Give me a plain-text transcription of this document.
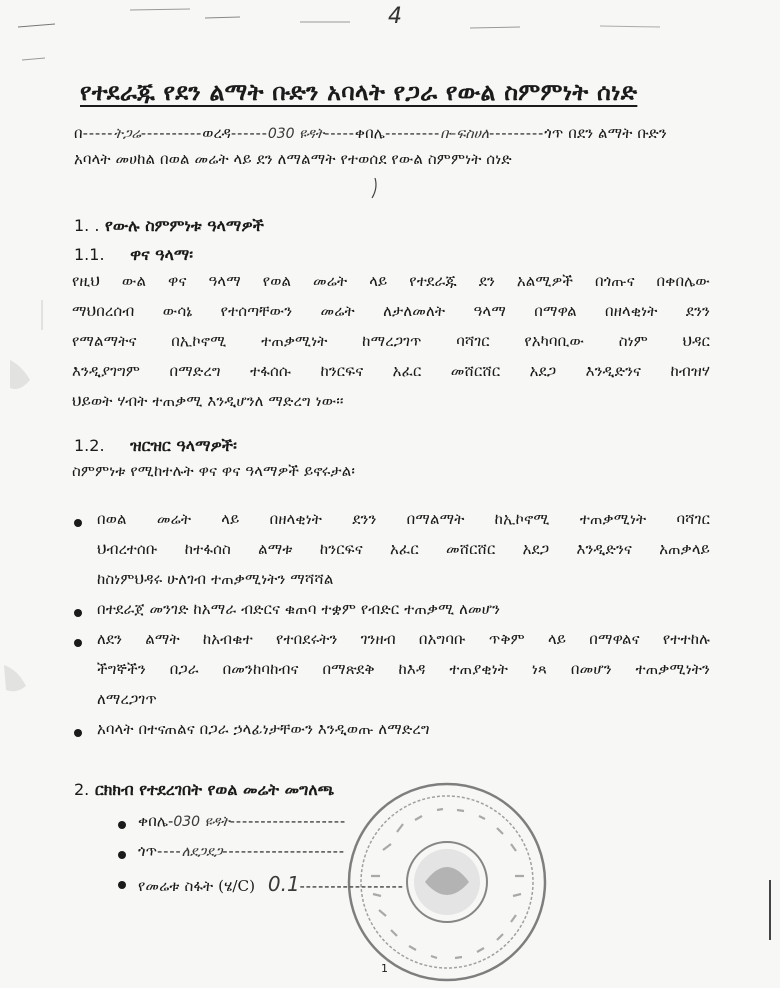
4
የተደራጁ የደን ልማት ቡድን አባላት የጋራ የውል ስምምነት ሰነድ
በ-----ትጋሬ----------ወረዳ------030 ዩዳት-----ቀበሌ---------ቡ-ፍስሀለ---------ጎጥ በደን ልማት ቡድን
አባላት መሀከል በወል መሬት ላይ ደን ለማልማት የተወሰደ የውል ስምምነት ሰነድ
1. . የውሉ ስምምነቱ ዓላማዎች
1.1. ዋና ዓላማ፡
የዚህ ውል ዋና ዓላማ የወል መሬት ላይ የተደራጁ ደን አልሚዎች በጎጡና በቀበሌው
ማህበረሰብ ውሳኔ የተሰጣቸውን መሬት ለታለመለት ዓላማ በማዋል በዘላቂነት ደንን
የማልማትና በኢኮኖሚ ተጠቃሚነት ከማረጋገጥ ባሻገር የአካባቢው ስነም ህዳር
እንዲያገግም በማድረግ ተፋሰሱ ከንርፍና አፈር መሸርሸር አደጋ እንዲድንና ከብዝሃ
ህይወት ሃብት ተጠቃሚ እንዲሆንለ ማድረግ ነው፡፡
1.2. ዝርዝር ዓላማዎች፡
ስምምነቱ የሚከተሉት ዋና ዋና ዓላማዎች ይኖሩታል፡
በወል መሬት ላይ በዘላቂነት ደንን በማልማት ከኢኮኖሚ ተጠቃሚነት ባሻገር
ህብረተሰቡ ከተፋሰስ ልማቱ ከንርፍና አፈር መሸርሸር አደጋ እንዲድንና አጠቃላይ
ከስነምህዳሩ ሁለገብ ተጠቃሚነትን ማሻሻል
በተደራጀ መንገድ ከአማራ ብድርና ቁጠባ ተቋም የብድር ተጠቃሚ ለመሆን
ለደን ልማት ከአብቁተ የተበደሩትን ገንዘብ በአግባቡ ጥቅም ላይ በማዋልና የተተከሉ
ችግኞችን በጋራ በመንከባከብና በማጽደቅ ከእዳ ተጠያቂነት ነጻ በመሆን ተጠቃሚነትን
ለማረጋገጥ
አባላት በተናጠልና በጋራ ኃላፊነታቸውን እንዲወጡ ለማድረግ
2. ርክክብ የተደረገበት የወል መሬት መግለጫ
ቀበሌ-030 ዩዳት-------------------
ጎጥ----ለደጋደጋ--------------------
የመሬቱ ስፋት (ሄ/C) 0.1-----------------
1
